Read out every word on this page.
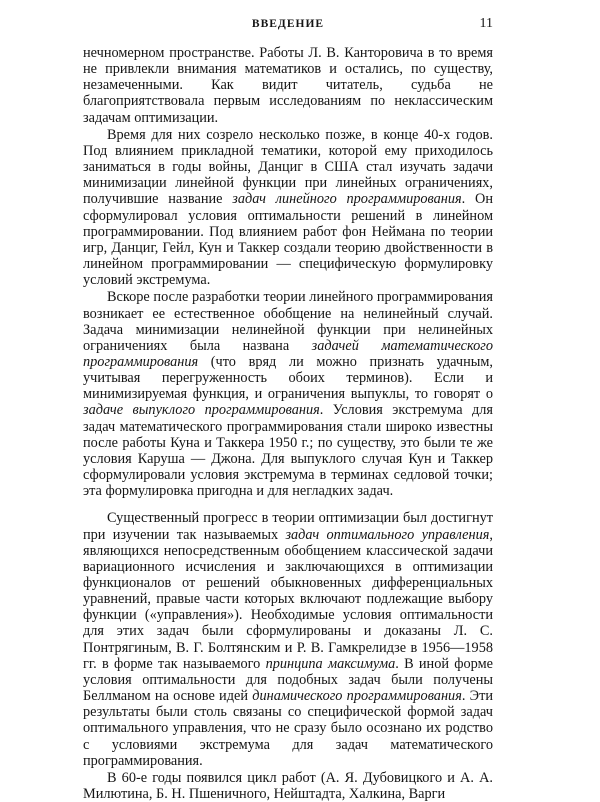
ВВЕДЕНИЕ	11

нечномерном пространстве. Работы Л. В. Канторовича в то время не привлекли внимания математиков и остались, по существу, незамеченными. Как видит читатель, судьба не благоприятствовала первым исследованиям по неклассическим задачам оптимизации.

Время для них созрело несколько позже, в конце 40-х годов. Под влиянием прикладной тематики, которой ему приходилось заниматься в годы войны, Данциг в США стал изучать задачи минимизации линейной функции при линейных ограничениях, получившие название задач линейного программирования. Он сформулировал условия оптимальности решений в линейном программировании. Под влиянием работ фон Неймана по теории игр, Данциг, Гейл, Кун и Таккер создали теорию двойственности в линейном программировании — специфическую формулировку условий экстремума.

Вскоре после разработки теории линейного программирования возникает ее естественное обобщение на нелинейный случай. Задача минимизации нелинейной функции при нелинейных ограничениях была названа задачей математического программирования (что вряд ли можно признать удачным, учитывая перегруженность обоих терминов). Если и минимизируемая функция, и ограничения выпуклы, то говорят о задаче выпуклого программирования. Условия экстремума для задач математического программирования стали широко известны после работы Куна и Таккера 1950 г.; по существу, это были те же условия Каруша — Джона. Для выпуклого случая Кун и Таккер сформулировали условия экстремума в терминах седловой точки; эта формулировка пригодна и для негладких задач.

Существенный прогресс в теории оптимизации был достигнут при изучении так называемых задач оптимального управления, являющихся непосредственным обобщением классической задачи вариационного исчисления и заключающихся в оптимизации функционалов от решений обыкновенных дифференциальных уравнений, правые части которых включают подлежащие выбору функции («управления»). Необходимые условия оптимальности для этих задач были сформулированы и доказаны Л. С. Понтрягиным, В. Г. Болтянским и Р. В. Гамкрелидзе в 1956—1958 гг. в форме так называемого принципа максимума. В иной форме условия оптимальности для подобных задач были получены Беллманом на основе идей динамического программирования. Эти результаты были столь связаны со специфической формой задач оптимального управления, что не сразу было осознано их родство с условиями экстремума для задач математического программирования.

В 60-е годы появился цикл работ (А. Я. Дубовицкого и А. А. Милютина, Б. Н. Пшеничного, Нейштадта, Халкина, Варги
